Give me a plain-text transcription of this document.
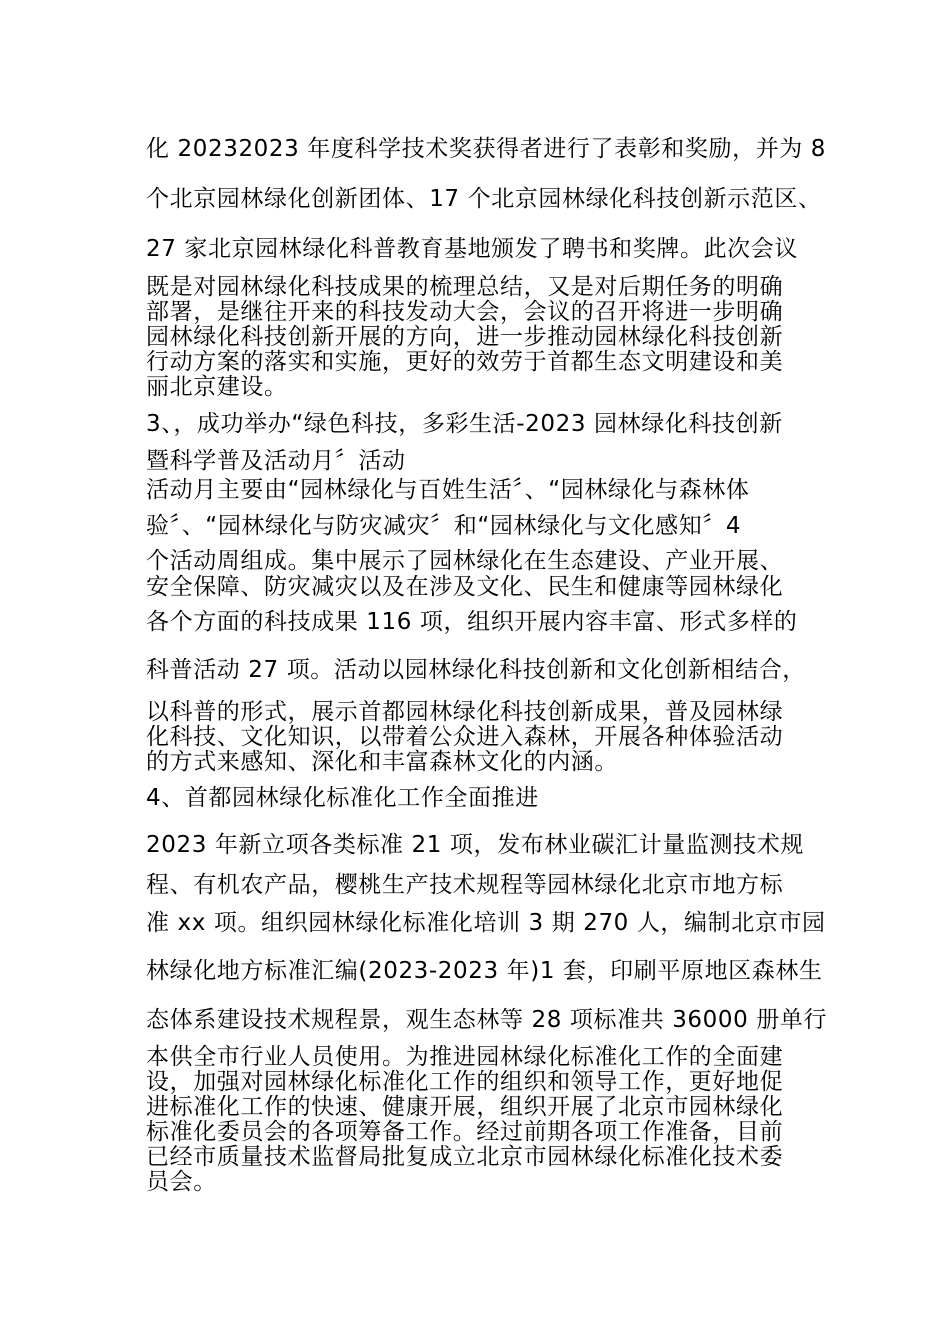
化 20232023 年度科学技术奖获得者进行了表彰和奖励，并为 8
个北京园林绿化创新团体、17 个北京园林绿化科技创新示范区、
27 家北京园林绿化科普教育基地颁发了聘书和奖牌。此次会议
既是对园林绿化科技成果的梳理总结，又是对后期任务的明确
部署，是继往开来的科技发动大会，会议的召开将进一步明确
园林绿化科技创新开展的方向，进一步推动园林绿化科技创新
行动方案的落实和实施，更好的效劳于首都生态文明建设和美
丽北京建设。
3、，成功举办“绿色科技，多彩生活-2023 园林绿化科技创新
暨科学普及活动月〞活动
活动月主要由“园林绿化与百姓生活〞、“园林绿化与森林体
验〞、“园林绿化与防灾减灾〞和“园林绿化与文化感知〞4
个活动周组成。集中展示了园林绿化在生态建设、产业开展、
安全保障、防灾减灾以及在涉及文化、民生和健康等园林绿化
各个方面的科技成果 116 项，组织开展内容丰富、形式多样的
科普活动 27 项。活动以园林绿化科技创新和文化创新相结合，
以科普的形式，展示首都园林绿化科技创新成果，普及园林绿
化科技、文化知识，以带着公众进入森林，开展各种体验活动
的方式来感知、深化和丰富森林文化的内涵。
4、首都园林绿化标准化工作全面推进
2023 年新立项各类标准 21 项，发布林业碳汇计量监测技术规
程、有机农产品，樱桃生产技术规程等园林绿化北京市地方标
准 xx 项。组织园林绿化标准化培训 3 期 270 人，编制北京市园
林绿化地方标准汇编(2023-2023 年)1 套，印刷平原地区森林生
态体系建设技术规程景，观生态林等 28 项标准共 36000 册单行
本供全市行业人员使用。为推进园林绿化标准化工作的全面建
设，加强对园林绿化标准化工作的组织和领导工作，更好地促
进标准化工作的快速、健康开展，组织开展了北京市园林绿化
标准化委员会的各项筹备工作。经过前期各项工作准备，目前
已经市质量技术监督局批复成立北京市园林绿化标准化技术委
员会。
